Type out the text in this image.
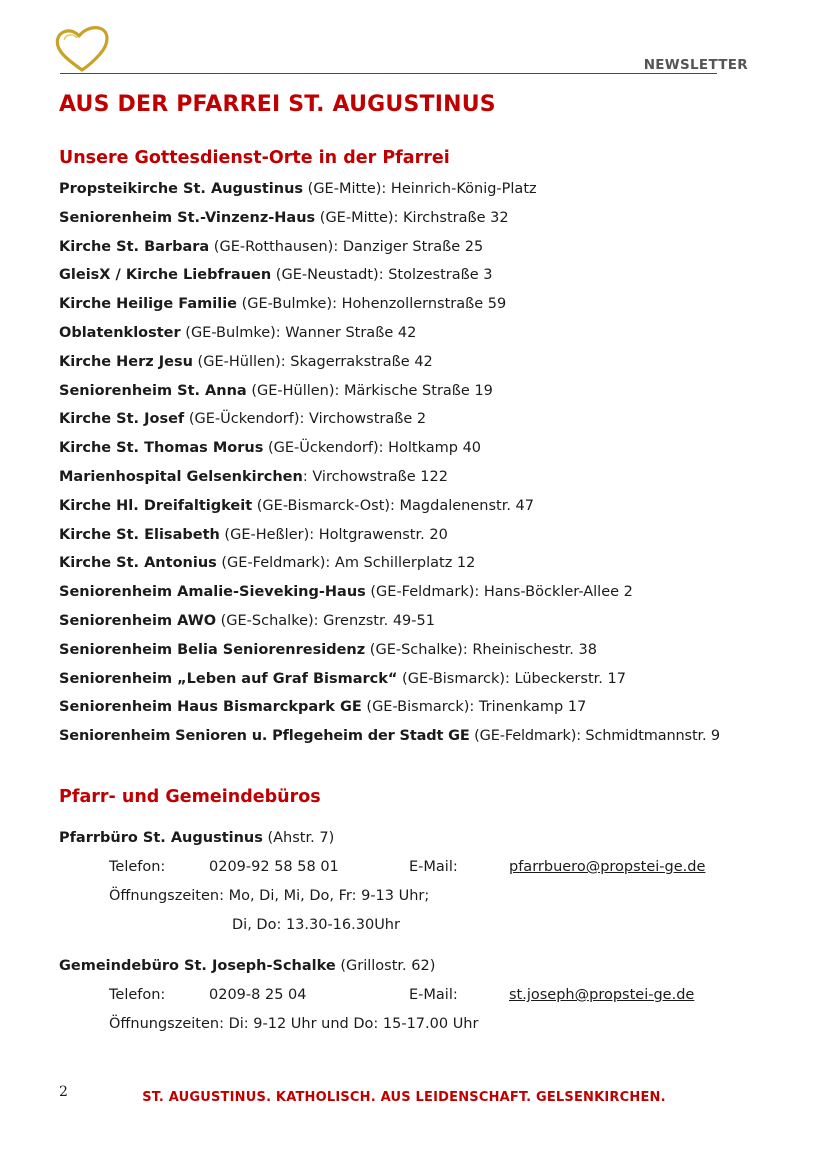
NEWSLETTER
AUS DER PFARREI ST. AUGUSTINUS
Unsere Gottesdienst-Orte in der Pfarrei
Propsteikirche St. Augustinus (GE-Mitte): Heinrich-König-Platz
Seniorenheim St.-Vinzenz-Haus (GE-Mitte): Kirchstraße 32
Kirche St. Barbara (GE-Rotthausen): Danziger Straße 25
GleisX / Kirche Liebfrauen (GE-Neustadt): Stolzestraße 3
Kirche Heilige Familie (GE-Bulmke): Hohenzollernstraße 59
Oblatenkloster (GE-Bulmke): Wanner Straße 42
Kirche Herz Jesu (GE-Hüllen): Skagerrakstraße 42
Seniorenheim St. Anna (GE-Hüllen): Märkische Straße 19
Kirche St. Josef (GE-Ückendorf): Virchowstraße 2
Kirche St. Thomas Morus (GE-Ückendorf): Holtkamp 40
Marienhospital Gelsenkirchen: Virchowstraße 122
Kirche Hl. Dreifaltigkeit (GE-Bismarck-Ost): Magdalenenstr. 47
Kirche St. Elisabeth (GE-Heßler): Holtgrawenstr. 20
Kirche St. Antonius (GE-Feldmark): Am Schillerplatz 12
Seniorenheim Amalie-Sieveking-Haus (GE-Feldmark): Hans-Böckler-Allee 2
Seniorenheim AWO (GE-Schalke): Grenzstr. 49-51
Seniorenheim Belia Seniorenresidenz (GE-Schalke): Rheinischestr. 38
Seniorenheim „Leben auf Graf Bismarck“ (GE-Bismarck): Lübeckerstr. 17
Seniorenheim Haus Bismarckpark GE (GE-Bismarck): Trinenkamp 17
Seniorenheim Senioren u. Pflegeheim der Stadt GE (GE-Feldmark): Schmidtmannstr. 9
Pfarr- und Gemeindebüros
Pfarrbüro St. Augustinus (Ahstr. 7)
Telefon:	0209-92 58 58 01	E-Mail:	pfarrbuero@propstei-ge.de
Öffnungszeiten: Mo, Di, Mi, Do, Fr: 9-13 Uhr;
Di, Do: 13.30-16.30Uhr
Gemeindebüro St. Joseph-Schalke (Grillostr. 62)
Telefon:	0209-8 25 04	E-Mail:	st.joseph@propstei-ge.de
Öffnungszeiten: Di: 9-12 Uhr und Do: 15-17.00 Uhr
2	ST. AUGUSTINUS. KATHOLISCH. AUS LEIDENSCHAFT. GELSENKIRCHEN.
